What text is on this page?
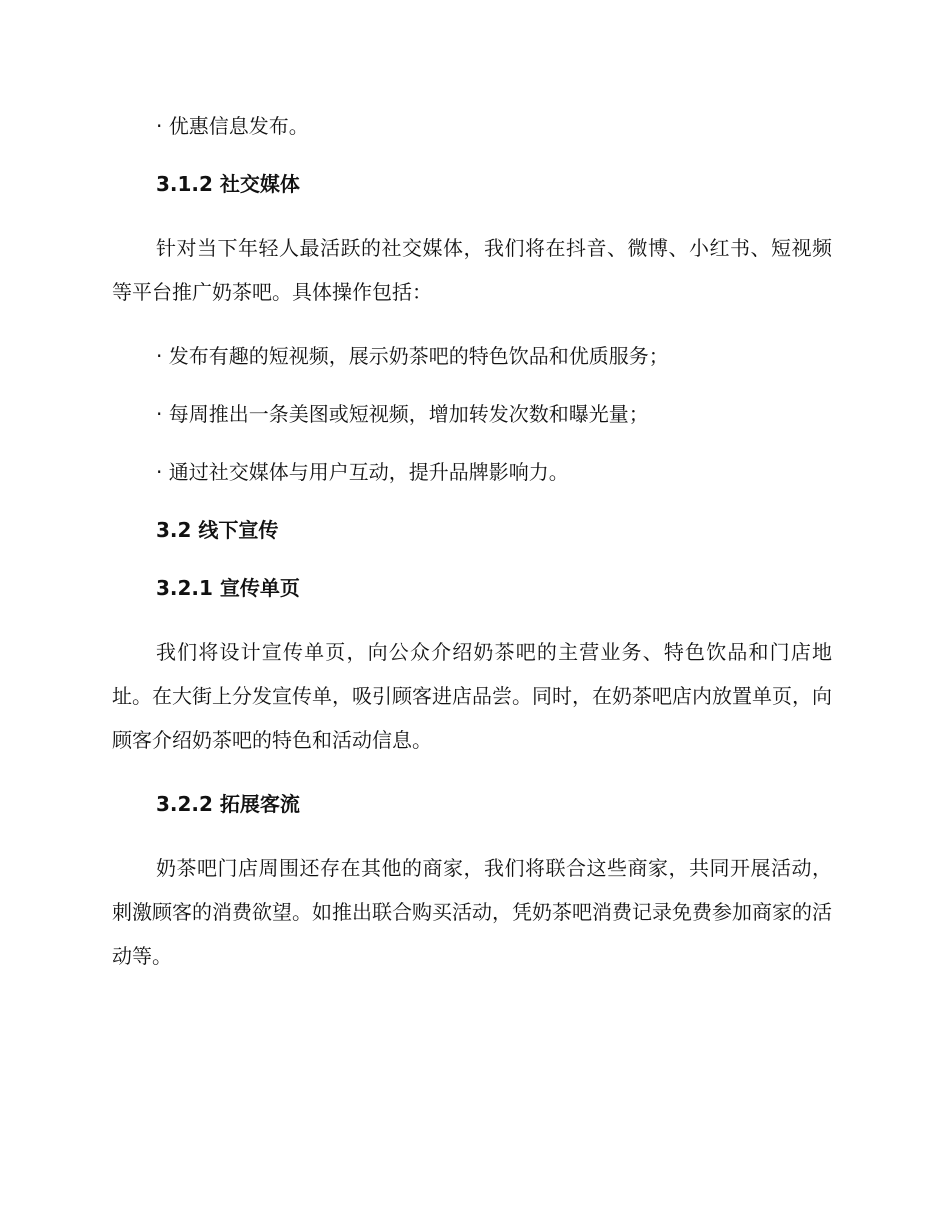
· 优惠信息发布。

3.1.2 社交媒体

针对当下年轻人最活跃的社交媒体，我们将在抖音、微博、小红书、短视频等平台推广奶茶吧。具体操作包括：

· 发布有趣的短视频，展示奶茶吧的特色饮品和优质服务；

· 每周推出一条美图或短视频，增加转发次数和曝光量；

· 通过社交媒体与用户互动，提升品牌影响力。

3.2 线下宣传

3.2.1 宣传单页

我们将设计宣传单页，向公众介绍奶茶吧的主营业务、特色饮品和门店地址。在大街上分发宣传单，吸引顾客进店品尝。同时，在奶茶吧店内放置单页，向顾客介绍奶茶吧的特色和活动信息。

3.2.2 拓展客流

奶茶吧门店周围还存在其他的商家，我们将联合这些商家，共同开展活动，刺激顾客的消费欲望。如推出联合购买活动，凭奶茶吧消费记录免费参加商家的活动等。
